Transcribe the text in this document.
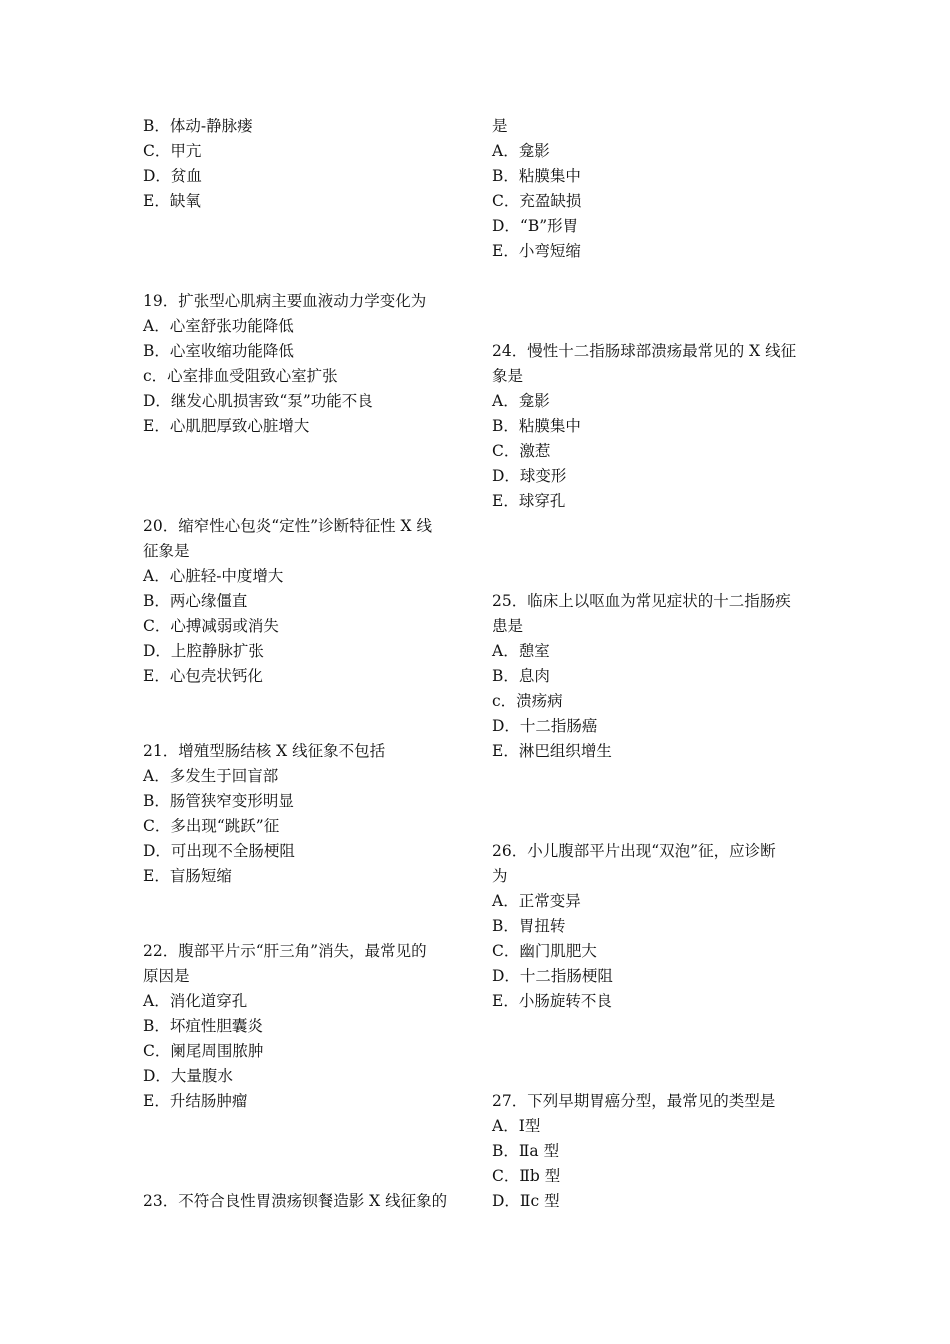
B．体动-静脉瘘
C．甲亢
D．贫血
E．缺氧
19．扩张型心肌病主要血液动力学变化为
A．心室舒张功能降低
B．心室收缩功能降低
c．心室排血受阻致心室扩张
D．继发心肌损害致“泵”功能不良
E．心肌肥厚致心脏增大
20．缩窄性心包炎“定性”诊断特征性 X 线
征象是
A．心脏轻-中度增大
B．两心缘僵直
C．心搏减弱或消失
D．上腔静脉扩张
E．心包壳状钙化
21．增殖型肠结核 X 线征象不包括
A．多发生于回盲部
B．肠管狭窄变形明显
C．多出现“跳跃”征
D．可出现不全肠梗阻
E．盲肠短缩
22．腹部平片示“肝三角”消失，最常见的
原因是
A．消化道穿孔
B．坏疽性胆囊炎
C．阑尾周围脓肿
D．大量腹水
E．升结肠肿瘤
23．不符合良性胃溃疡钡餐造影 X 线征象的
是
A．龛影
B．粘膜集中
C．充盈缺损
D．“B”形胃
E．小弯短缩
24．慢性十二指肠球部溃疡最常见的 X 线征
象是
A．龛影
B．粘膜集中
C．激惹
D．球变形
E．球穿孔
25．临床上以呕血为常见症状的十二指肠疾
患是
A．憩室
B．息肉
c．溃疡病
D．十二指肠癌
E．淋巴组织增生
26．小儿腹部平片出现“双泡”征，应诊断
为
A．正常变异
B．胃扭转
C．幽门肌肥大
D．十二指肠梗阻
E．小肠旋转不良
27．下列早期胃癌分型，最常见的类型是
A．Ⅰ型
B．Ⅱa 型
C．Ⅱb 型
D．Ⅱc 型
